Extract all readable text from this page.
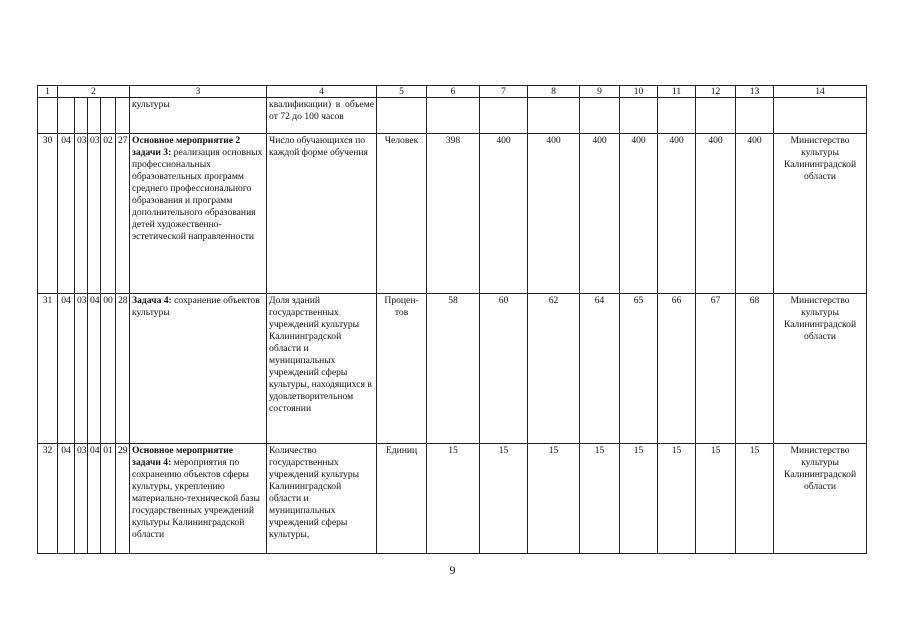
1	2					3	4	5	6	7	8	9	10	11	12	13	14
						культуры	квалификации) в объеме от 72 до 100 часов										
30	04	03	03	02	27	Основное мероприятие 2 задачи 3: реализация основных профессиональных образовательных программ среднего профессионального образования и программ дополнительного образования детей художественно-эстетической направленности	Число обучающихся по каждой форме обучения	Человек	398	400	400	400	400	400	400	400	Министерство культуры Калининградской области
31	04	03	04	00	28	Задача 4: сохранение объектов культуры	Доля зданий государственных учреждений культуры Калининградской области и муниципальных учреждений сферы культуры, находящихся в удовлетворительном состоянии	Процен-тов	58	60	62	64	65	66	67	68	Министерство культуры Калининградской области
32	04	03	04	01	29	Основное мероприятие задачи 4: мероприятия по сохранению объектов сферы культуры, укреплению материально-технической базы государственных учреждений культуры Калининградской области	Количество государственных учреждений культуры Калининградской области и муниципальных учреждений сферы культуры,	Единиц	15	15	15	15	15	15	15	15	Министерство культуры Калининградской области
9
